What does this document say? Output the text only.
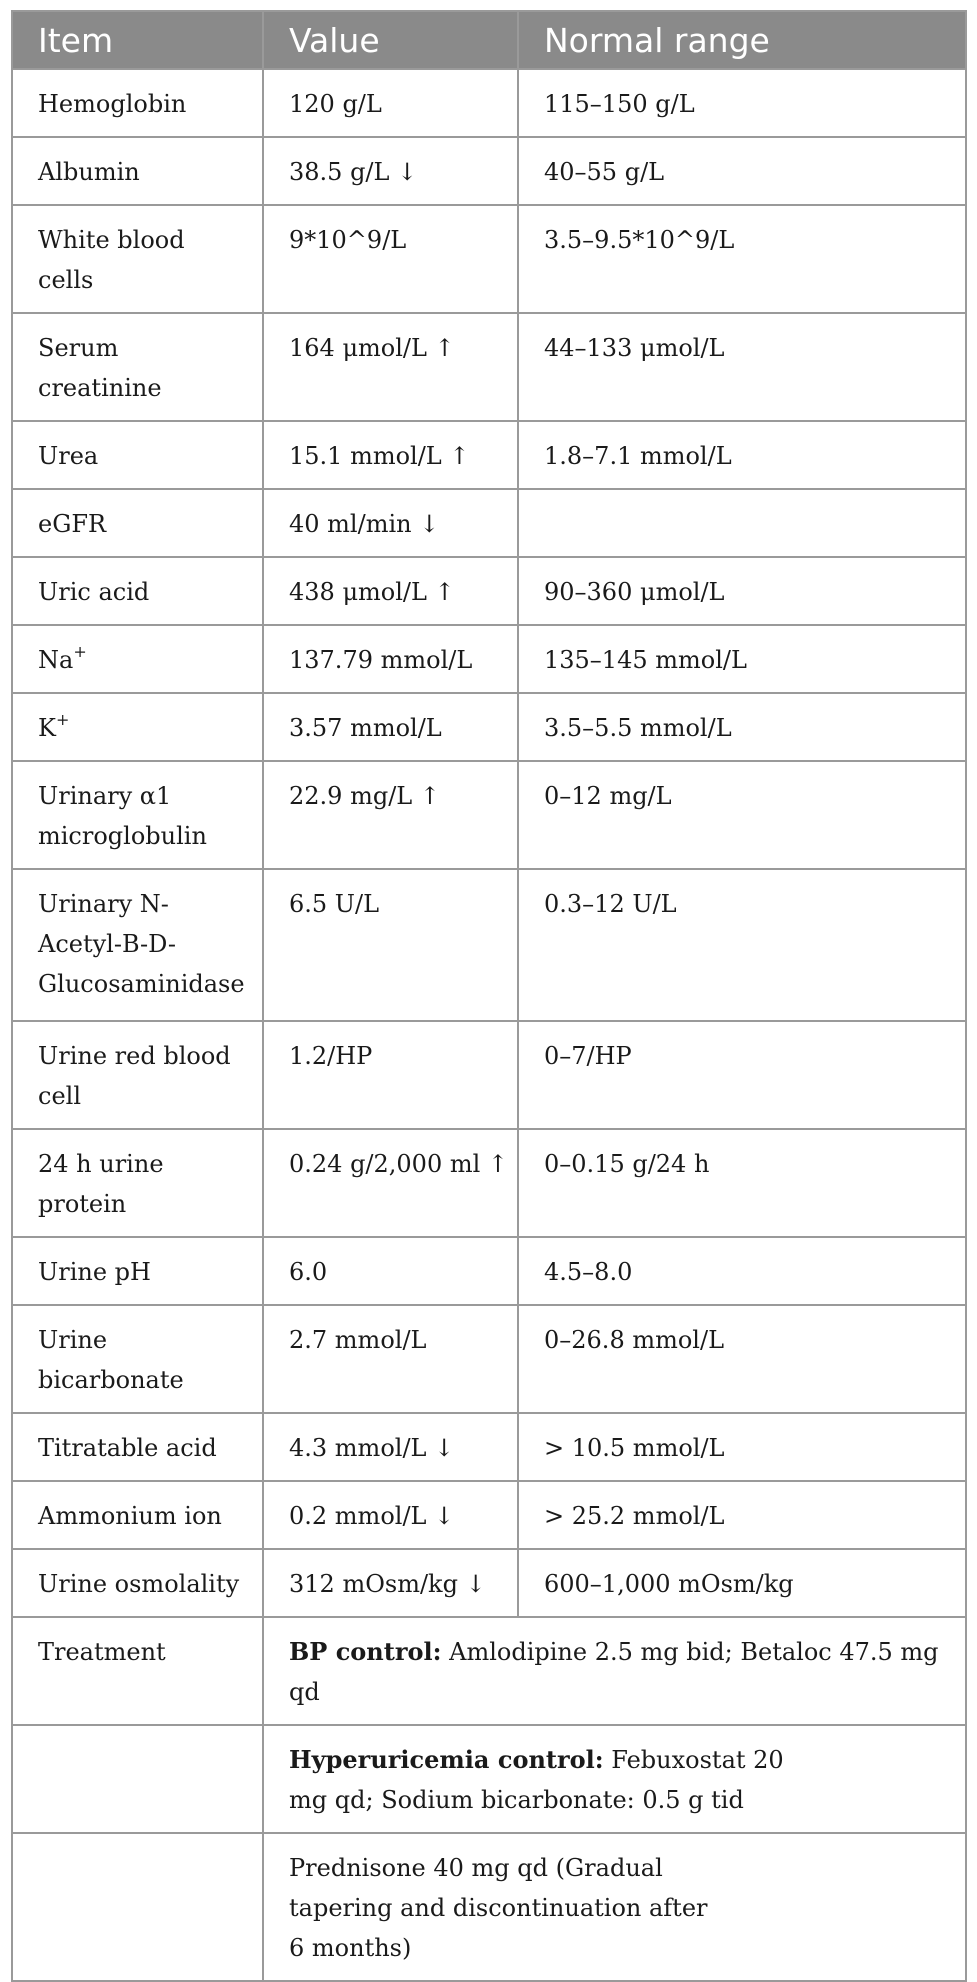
Item	Value	Normal range
Hemoglobin	120 g/L	115–150 g/L
Albumin	38.5 g/L ↓	40–55 g/L
White blood cells	9*10^9/L	3.5–9.5*10^9/L
Serum creatinine	164 μmol/L ↑	44–133 μmol/L
Urea	15.1 mmol/L ↑	1.8–7.1 mmol/L
eGFR	40 ml/min ↓	
Uric acid	438 μmol/L ↑	90–360 μmol/L
Na+	137.79 mmol/L	135–145 mmol/L
K+	3.57 mmol/L	3.5–5.5 mmol/L
Urinary α1 microglobulin	22.9 mg/L ↑	0–12 mg/L
Urinary N-Acetyl-B-D-Glucosaminidase	6.5 U/L	0.3–12 U/L
Urine red blood cell	1.2/HP	0–7/HP
24 h urine protein	0.24 g/2,000 ml ↑	0–0.15 g/24 h
Urine pH	6.0	4.5–8.0
Urine bicarbonate	2.7 mmol/L	0–26.8 mmol/L
Titratable acid	4.3 mmol/L ↓	> 10.5 mmol/L
Ammonium ion	0.2 mmol/L ↓	> 25.2 mmol/L
Urine osmolality	312 mOsm/kg ↓	600–1,000 mOsm/kg
Treatment	BP control: Amlodipine 2.5 mg bid; Betaloc 47.5 mg qd	
	Hyperuricemia control: Febuxostat 20 mg qd; Sodium bicarbonate: 0.5 g tid	
	Prednisone 40 mg qd (Gradual tapering and discontinuation after 6 months)	
